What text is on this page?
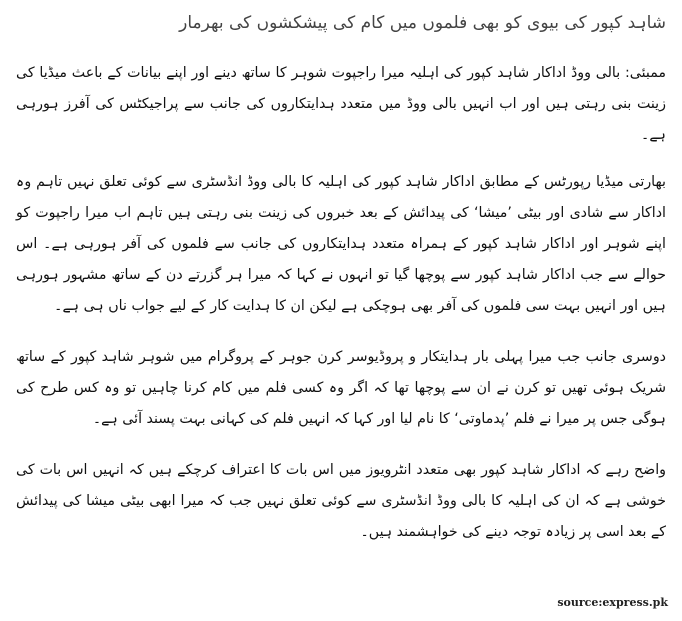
شاہد کپور کی بیوی کو بھی فلموں میں کام کی پیشکشوں کی بھرمار

ممبئی: بالی ووڈ اداکار شاہد کپور کی اہلیہ میرا راجپوت شوہر کا ساتھ دینے اور اپنے بیانات کے باعث میڈیا کی زینت بنی رہتی ہیں اور اب انہیں بالی ووڈ میں متعدد ہدایتکاروں کی جانب سے پراجیکٹس کی آفرز ہورہی ہے۔

بھارتی میڈیا رپورٹس کے مطابق اداکار شاہد کپور کی اہلیہ کا بالی ووڈ انڈسٹری سے کوئی تعلق نہیں تاہم وہ اداکار سے شادی اور بیٹی ’میشا‘ کی پیدائش کے بعد خبروں کی زینت بنی رہتی ہیں تاہم اب میرا راجپوت کو اپنے شوہر اور اداکار شاہد کپور کے ہمراہ متعدد ہدایتکاروں کی جانب سے فلموں کی آفر ہورہی ہے۔ اس حوالے سے جب اداکار شاہد کپور سے پوچھا گیا تو انہوں نے کہا کہ میرا ہر گزرتے دن کے ساتھ مشہور ہورہی ہیں اور انہیں بہت سی فلموں کی آفر بھی ہوچکی ہے لیکن ان کا ہدایت کار کے لیے جواب ناں ہی ہے۔

دوسری جانب جب میرا پہلی بار ہدایتکار و پروڈیوسر کرن جوہر کے پروگرام میں شوہر شاہد کپور کے ساتھ شریک ہوئی تھیں تو کرن نے ان سے پوچھا تھا کہ اگر وہ کسی فلم میں کام کرنا چاہیں تو وہ کس طرح کی ہوگی جس پر میرا نے فلم ’پدماوتی‘ کا نام لیا اور کہا کہ انہیں فلم کی کہانی بہت پسند آئی ہے۔

واضح رہے کہ اداکار شاہد کپور بھی متعدد انٹرویوز میں اس بات کا اعتراف کرچکے ہیں کہ انہیں اس بات کی خوشی ہے کہ ان کی اہلیہ کا بالی ووڈ انڈسٹری سے کوئی تعلق نہیں جب کہ میرا ابھی بیٹی میشا کی پیدائش کے بعد اسی پر زیادہ توجہ دینے کی خواہشمند ہیں۔

source:express.pk
